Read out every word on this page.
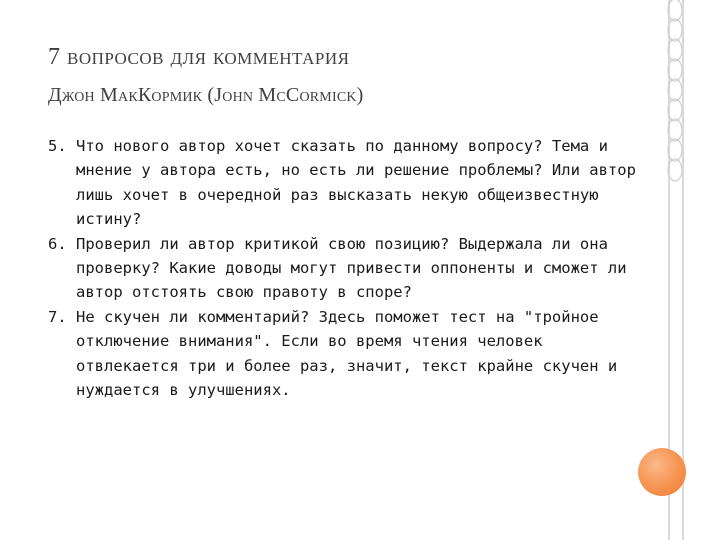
7 вопросов для комментария
Джон МакКормик (John McCormick)
5. Что нового автор хочет сказать по данному вопросу? Тема и мнение у автора есть, но есть ли решение проблемы? Или автор лишь хочет в очередной раз высказать некую общеизвестную истину?
6. Проверил ли автор критикой свою позицию? Выдержала ли она проверку? Какие доводы могут привести оппоненты и сможет ли автор отстоять свою правоту в споре?
7. Не скучен ли комментарий? Здесь поможет тест на "тройное отключение внимания". Если во время чтения человек отвлекается три и более раз, значит, текст крайне скучен и нуждается в улучшениях.
